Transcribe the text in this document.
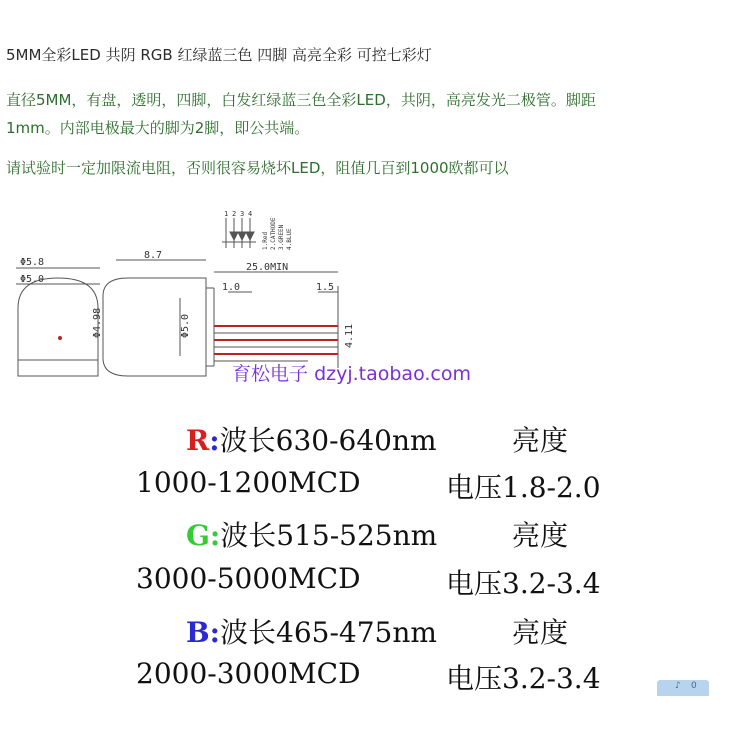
5MM全彩LED 共阴 RGB 红绿蓝三色 四脚 高亮全彩 可控七彩灯
直径5MM，有盘，透明，四脚，白发红绿蓝三色全彩LED，共阴，高亮发光二极管。脚距
1mm。内部电极最大的脚为2脚，即公共端。
请试验时一定加限流电阻，否则很容易烧坏LED，阻值几百到1000欧都可以
Φ5.8
Φ5.0
8.7
25.0MIN
1.0	1.5
Φ4.98	Φ5.0	4.11
1 2 3 4
1.Red 2.CATHODE 3.GREEN 4.BLUE
育松电子 dzyj.taobao.com
R:波长630-640nm	亮度
1000-1200MCD	电压1.8-2.0
G:波长515-525nm	亮度
3000-5000MCD	电压3.2-3.4
B:波长465-475nm	亮度
2000-3000MCD	电压3.2-3.4	♪ 0
